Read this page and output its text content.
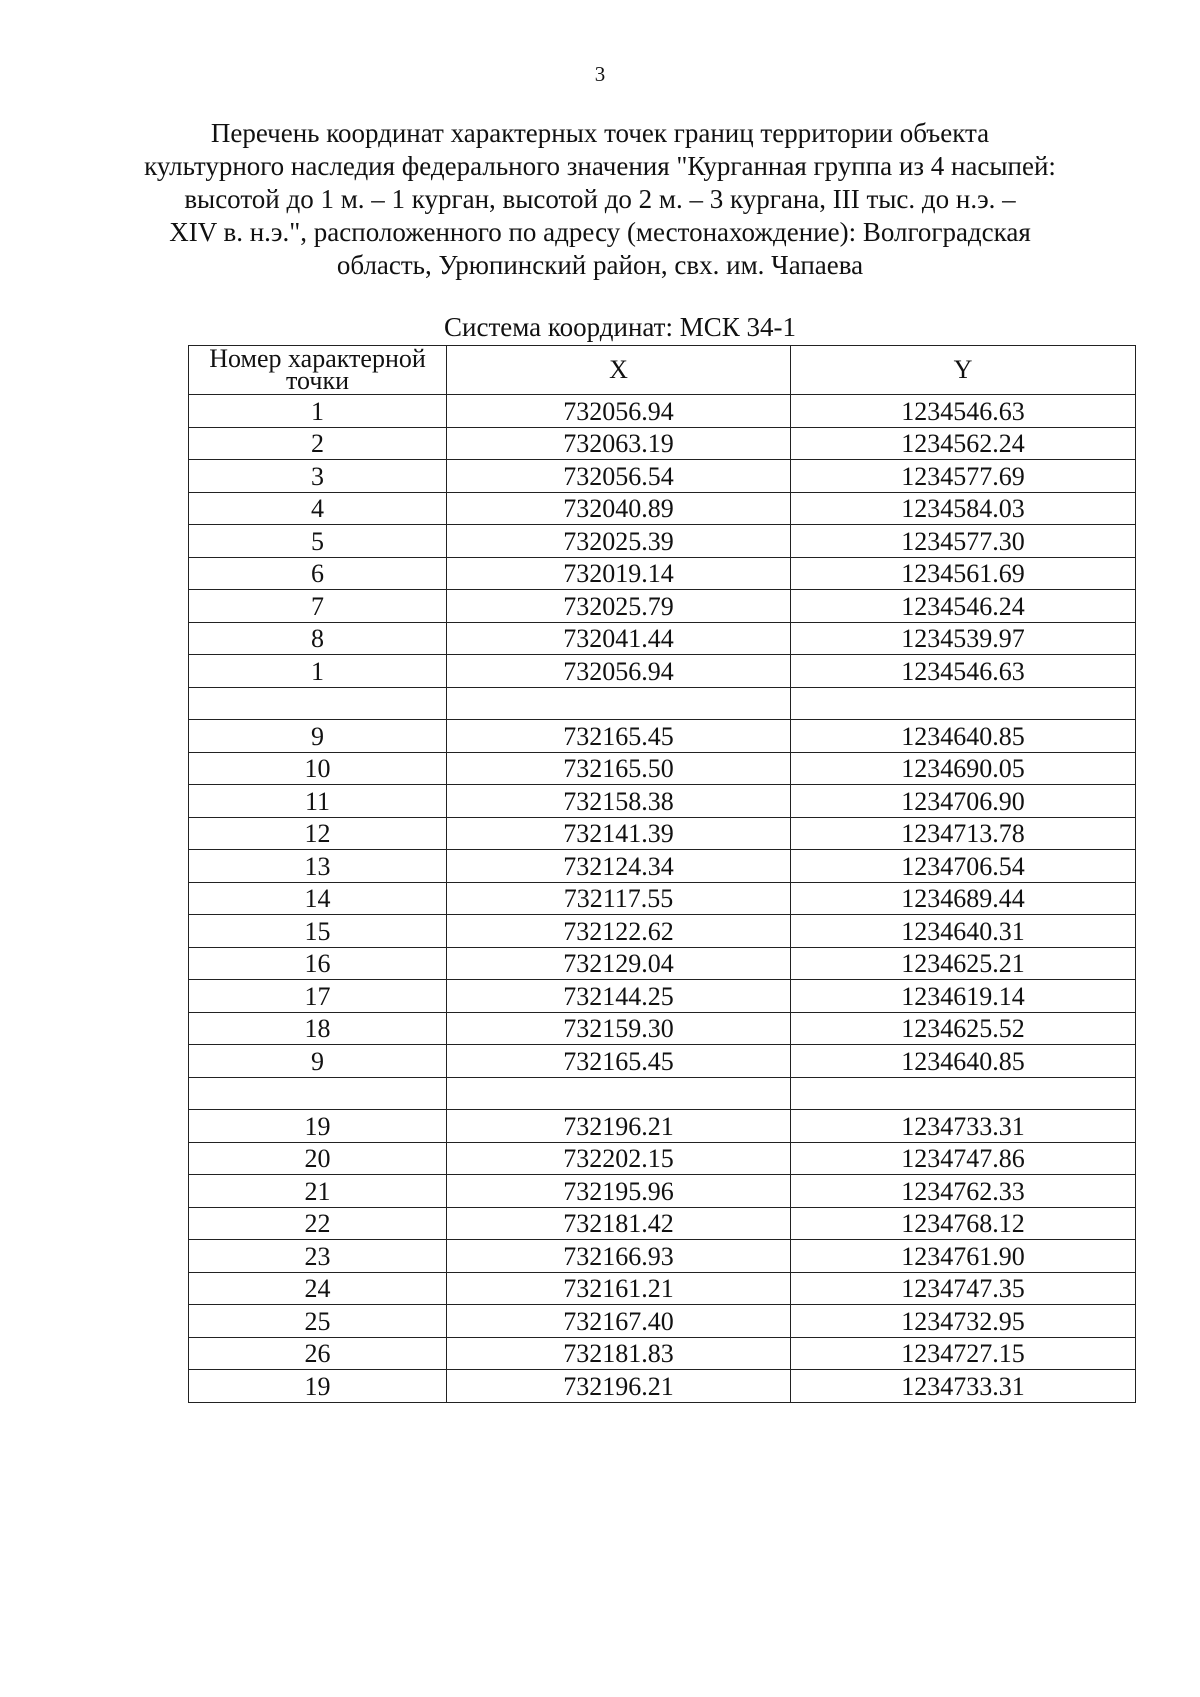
3
Перечень координат характерных точек границ территории объекта
культурного наследия федерального значения "Курганная группа из 4 насыпей:
высотой до 1 м. – 1 курган, высотой до 2 м. – 3 кургана, III тыс. до н.э. –
XIV в. н.э.", расположенного по адресу (местонахождение): Волгоградская
область, Урюпинский район, свх. им. Чапаева
Система координат: МСК 34-1
Номер характерной точки	X	Y
1	732056.94	1234546.63
2	732063.19	1234562.24
3	732056.54	1234577.69
4	732040.89	1234584.03
5	732025.39	1234577.30
6	732019.14	1234561.69
7	732025.79	1234546.24
8	732041.44	1234539.97
1	732056.94	1234546.63

9	732165.45	1234640.85
10	732165.50	1234690.05
11	732158.38	1234706.90
12	732141.39	1234713.78
13	732124.34	1234706.54
14	732117.55	1234689.44
15	732122.62	1234640.31
16	732129.04	1234625.21
17	732144.25	1234619.14
18	732159.30	1234625.52
9	732165.45	1234640.85

19	732196.21	1234733.31
20	732202.15	1234747.86
21	732195.96	1234762.33
22	732181.42	1234768.12
23	732166.93	1234761.90
24	732161.21	1234747.35
25	732167.40	1234732.95
26	732181.83	1234727.15
19	732196.21	1234733.31
